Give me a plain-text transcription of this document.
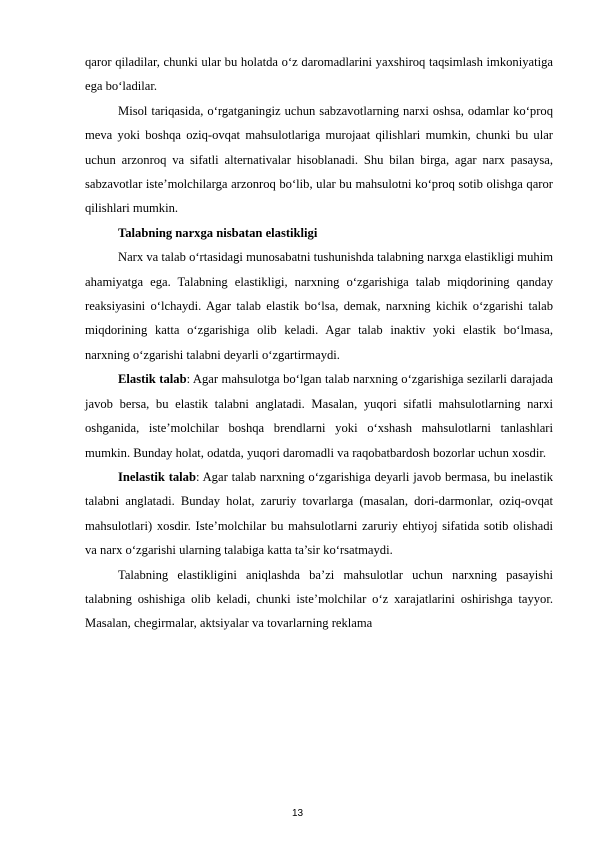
qaror qiladilar, chunki ular bu holatda o‘z daromadlarini yaxshiroq taqsimlash imkoniyatiga ega bo‘ladilar.

Misol tariqasida, o‘rgatganingiz uchun sabzavotlarning narxi oshsa, odamlar ko‘proq meva yoki boshqa oziq-ovqat mahsulotlariga murojaat qilishlari mumkin, chunki bu ular uchun arzonroq va sifatli alternativalar hisoblanadi. Shu bilan birga, agar narx pasaysa, sabzavotlar iste’molchilarga arzonroq bo‘lib, ular bu mahsulotni ko‘proq sotib olishga qaror qilishlari mumkin.

Talabning narxga nisbatan elastikligi

Narx va talab o‘rtasidagi munosabatni tushunishda talabning narxga elastikligi muhim ahamiyatga ega. Talabning elastikligi, narxning o‘zgarishiga talab miqdorining qanday reaksiyasini o‘lchaydi. Agar talab elastik bo‘lsa, demak, narxning kichik o‘zgarishi talab miqdorining katta o‘zgarishiga olib keladi. Agar talab inaktiv yoki elastik bo‘lmasa, narxning o‘zgarishi talabni deyarli o‘zgartirmaydi.

Elastik talab: Agar mahsulotga bo‘lgan talab narxning o‘zgarishiga sezilarli darajada javob bersa, bu elastik talabni anglatadi. Masalan, yuqori sifatli mahsulotlarning narxi oshganida, iste’molchilar boshqa brendlarni yoki o‘xshash mahsulotlarni tanlashlari mumkin. Bunday holat, odatda, yuqori daromadli va raqobatbardosh bozorlar uchun xosdir.

Inelastik talab: Agar talab narxning o‘zgarishiga deyarli javob bermasa, bu inelastik talabni anglatadi. Bunday holat, zaruriy tovarlarga (masalan, dori-darmonlar, oziq-ovqat mahsulotlari) xosdir. Iste’molchilar bu mahsulotlarni zaruriy ehtiyoj sifatida sotib olishadi va narx o‘zgarishi ularning talabiga katta ta’sir ko‘rsatmaydi.

Talabning elastikligini aniqlashda ba’zi mahsulotlar uchun narxning pasayishi talabning oshishiga olib keladi, chunki iste’molchilar o‘z xarajatlarini oshirishga tayyor. Masalan, chegirmalar, aktsiyalar va tovarlarning reklama

13
